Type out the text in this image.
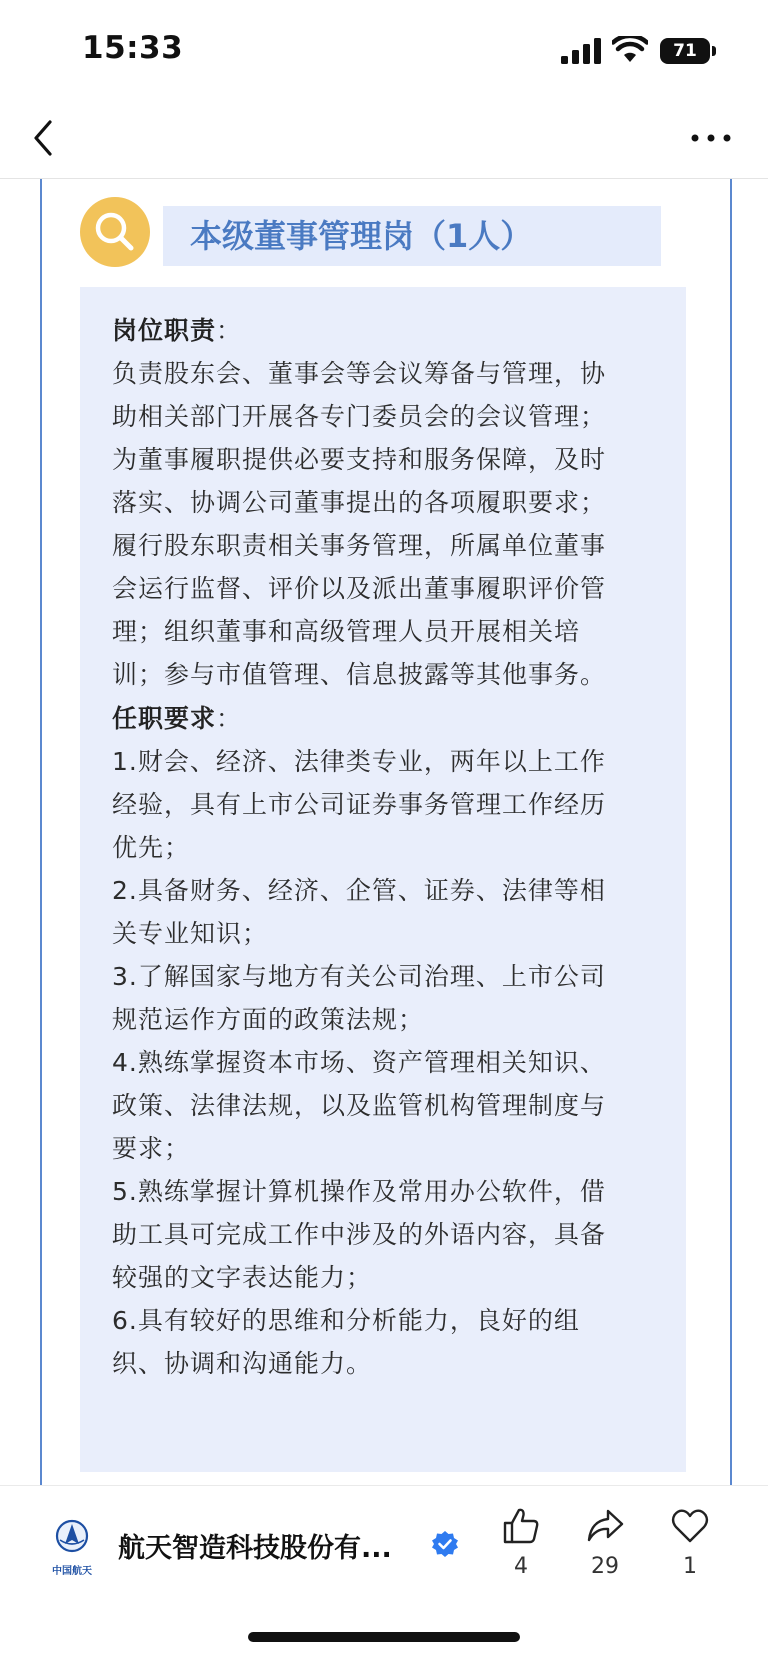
15:33	71
本级董事管理岗（1人）
岗位职责：
负责股东会、董事会等会议筹备与管理，协
助相关部门开展各专门委员会的会议管理；
为董事履职提供必要支持和服务保障，及时
落实、协调公司董事提出的各项履职要求；
履行股东职责相关事务管理，所属单位董事
会运行监督、评价以及派出董事履职评价管
理；组织董事和高级管理人员开展相关培
训；参与市值管理、信息披露等其他事务。
任职要求：
1.财会、经济、法律类专业，两年以上工作
经验，具有上市公司证券事务管理工作经历
优先；
2.具备财务、经济、企管、证券、法律等相
关专业知识；
3.了解国家与地方有关公司治理、上市公司
规范运作方面的政策法规；
4.熟练掌握资本市场、资产管理相关知识、
政策、法律法规，以及监管机构管理制度与
要求；
5.熟练掌握计算机操作及常用办公软件，借
助工具可完成工作中涉及的外语内容，具备
较强的文字表达能力；
6.具有较好的思维和分析能力，良好的组
织、协调和沟通能力。
中国航天
航天智造科技股份有...
4	29	1
